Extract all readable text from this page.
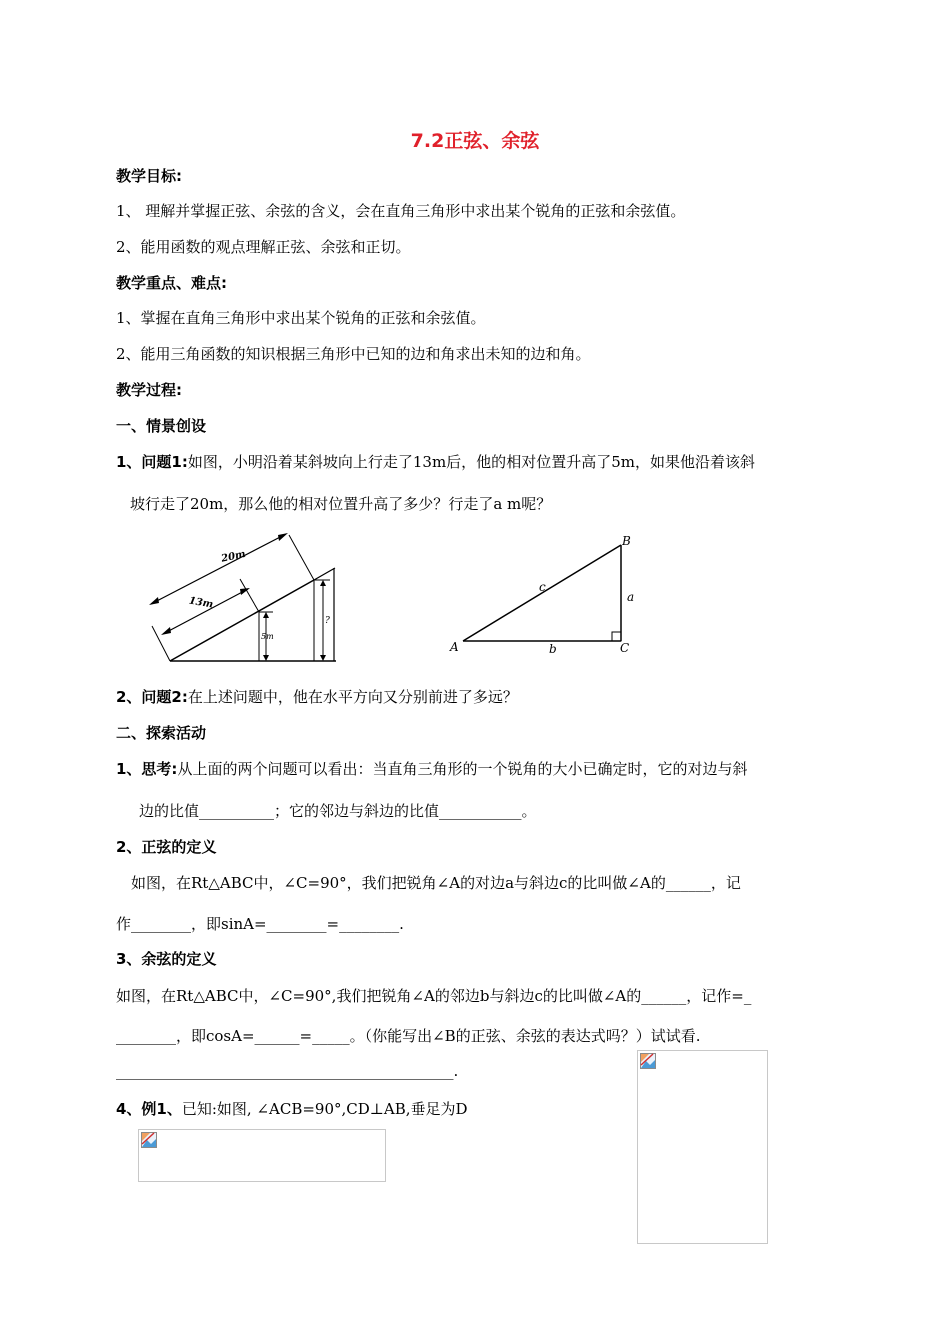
7.2正弦、余弦
教学目标:
1、 理解并掌握正弦、余弦的含义，会在直角三角形中求出某个锐角的正弦和余弦值。
2、能用函数的观点理解正弦、余弦和正切。
教学重点、难点:
1、掌握在直角三角形中求出某个锐角的正弦和余弦值。
2、能用三角函数的知识根据三角形中已知的边和角求出未知的边和角。
教学过程:
一、情景创设
1、问题1:如图，小明沿着某斜坡向上行走了13m后，他的相对位置升高了5m，如果他沿着该斜
坡行走了20m，那么他的相对位置升高了多少？行走了a m呢？
20m
13m
5m
?
A
B
C
a
b
c
2、问题2:在上述问题中，他在水平方向又分别前进了多远？
二、探索活动
1、思考:从上面的两个问题可以看出：当直角三角形的一个锐角的大小已确定时，它的对边与斜
边的比值__________；它的邻边与斜边的比值___________。
2、正弦的定义
如图，在Rt△ABC中，∠C=90°，我们把锐角∠A的对边a与斜边c的比叫做∠A的______，记
作________，即sinA=________=________.
3、余弦的定义
如图，在Rt△ABC中，∠C=90°,我们把锐角∠A的邻边b与斜边c的比叫做∠A的______，记作=_
________，即cosA=______=_____。（你能写出∠B的正弦、余弦的表达式吗？）试试看.
_____________________________________________.
4、例1、已知:如图, ∠ACB=90°,CD⊥AB,垂足为D
